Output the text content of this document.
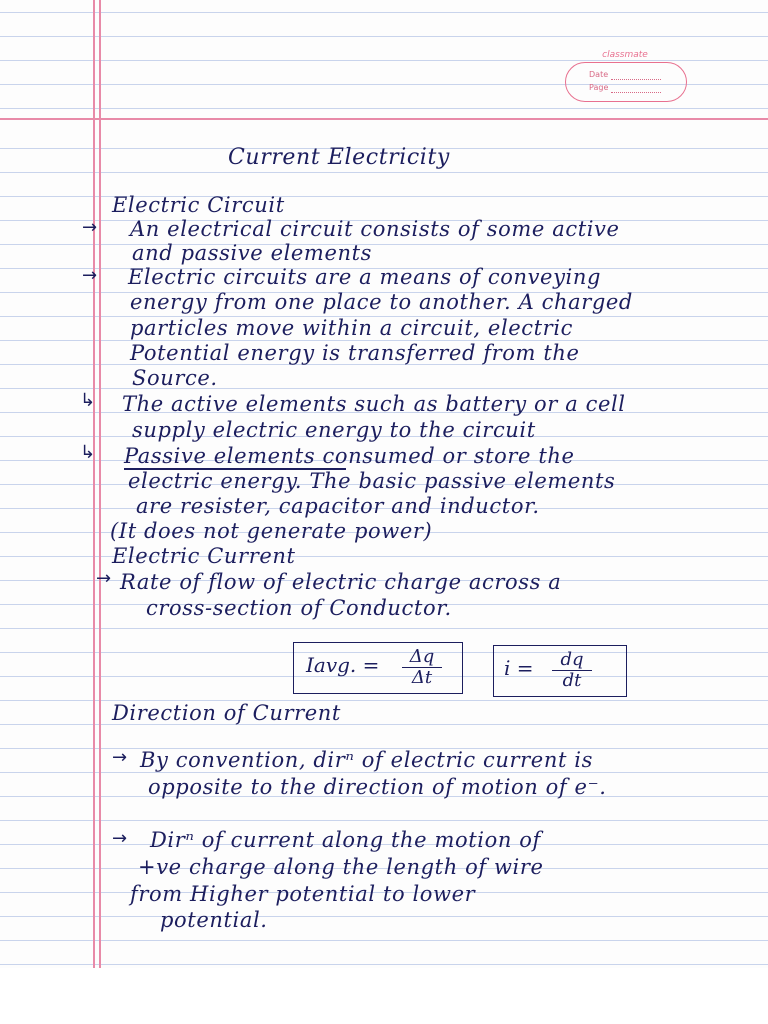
classmate
Date
Page
Current Electricity
Electric Circuit
→ An electrical circuit consists of some active
and passive elements
→ Electric circuits are a means of conveying
energy from one place to another. A charged
particles move within a circuit, electric
Potential energy is transferred from the
Source.
↳ The active elements such as battery or a cell
supply electric energy to the circuit
↳ Passive elements consumed or store the
electric energy. The basic passive elements
are resister, capacitor and inductor.
(It does not generate power)
Electric Current
→ Rate of flow of electric charge across a
cross-section of Conductor.
Iavg. = $\frac{\Delta q}{\Delta t}$	$i = \frac{dq}{dt}$
Direction of Current
→ By convention, dirⁿ of electric current is
opposite to the direction of motion of e⁻.
→ Dirⁿ of current along the motion of
+ve charge along the length of wire
from Higher potential to lower
potential.
